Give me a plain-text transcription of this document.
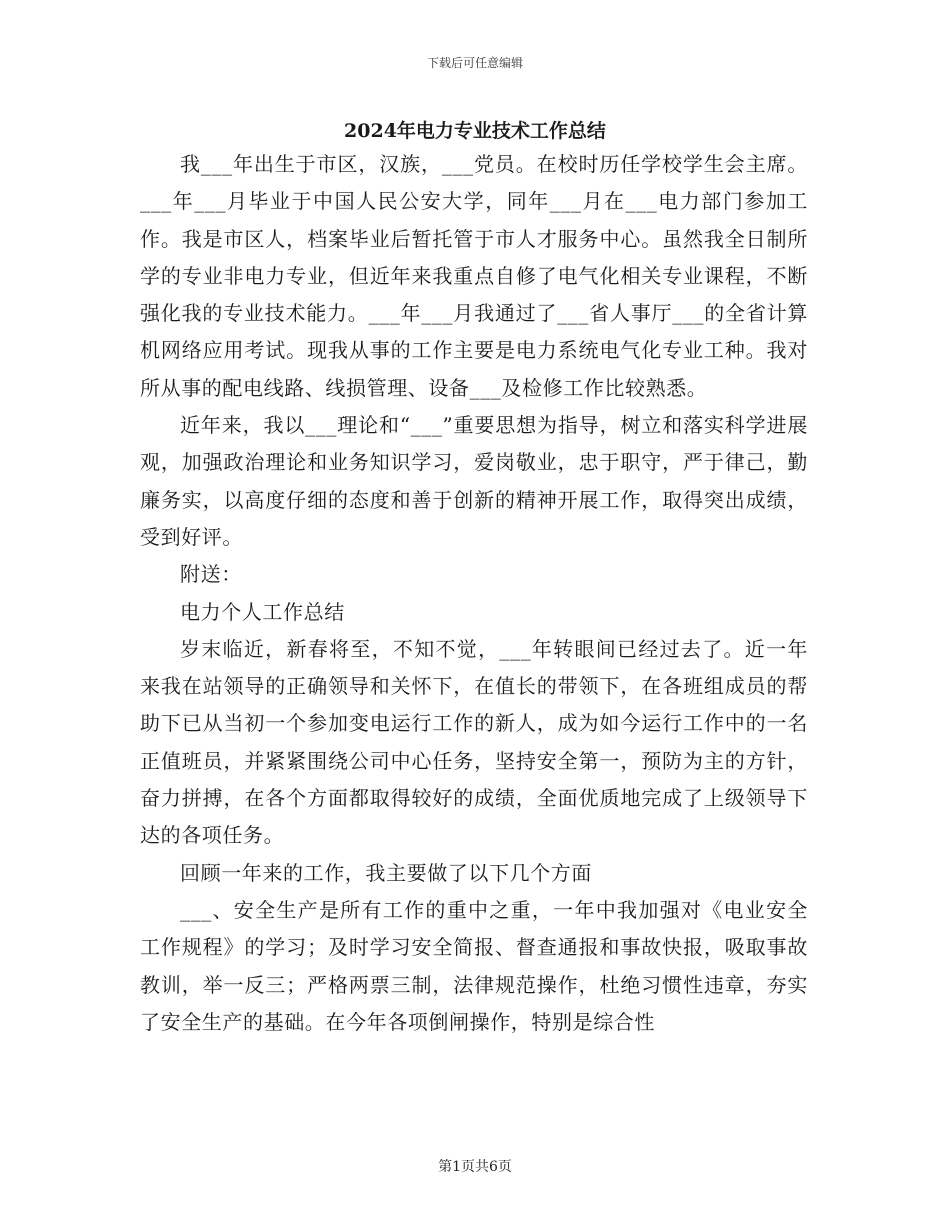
下载后可任意编辑
2024年电力专业技术工作总结

我___年出生于市区，汉族，___党员。在校时历任学校学生会主席。___年___月毕业于中国人民公安大学，同年___月在___电力部门参加工作。我是市区人，档案毕业后暂托管于市人才服务中心。虽然我全日制所学的专业非电力专业，但近年来我重点自修了电气化相关专业课程，不断强化我的专业技术能力。___年___月我通过了___省人事厅___的全省计算机网络应用考试。现我从事的工作主要是电力系统电气化专业工种。我对所从事的配电线路、线损管理、设备___及检修工作比较熟悉。

近年来，我以___理论和“___”重要思想为指导，树立和落实科学进展观，加强政治理论和业务知识学习，爱岗敬业，忠于职守，严于律己，勤廉务实，以高度仔细的态度和善于创新的精神开展工作，取得突出成绩，受到好评。

附送：

电力个人工作总结

岁末临近，新春将至，不知不觉，___年转眼间已经过去了。近一年来我在站领导的正确领导和关怀下，在值长的带领下，在各班组成员的帮助下已从当初一个参加变电运行工作的新人，成为如今运行工作中的一名正值班员，并紧紧围绕公司中心任务，坚持安全第一，预防为主的方针，奋力拼搏，在各个方面都取得较好的成绩，全面优质地完成了上级领导下达的各项任务。

回顾一年来的工作，我主要做了以下几个方面

___、安全生产是所有工作的重中之重，一年中我加强对《电业安全工作规程》的学习；及时学习安全简报、督查通报和事故快报，吸取事故教训，举一反三；严格两票三制，法律规范操作，杜绝习惯性违章，夯实了安全生产的基础。在今年各项倒闸操作，特别是综合性

第1页共6页
